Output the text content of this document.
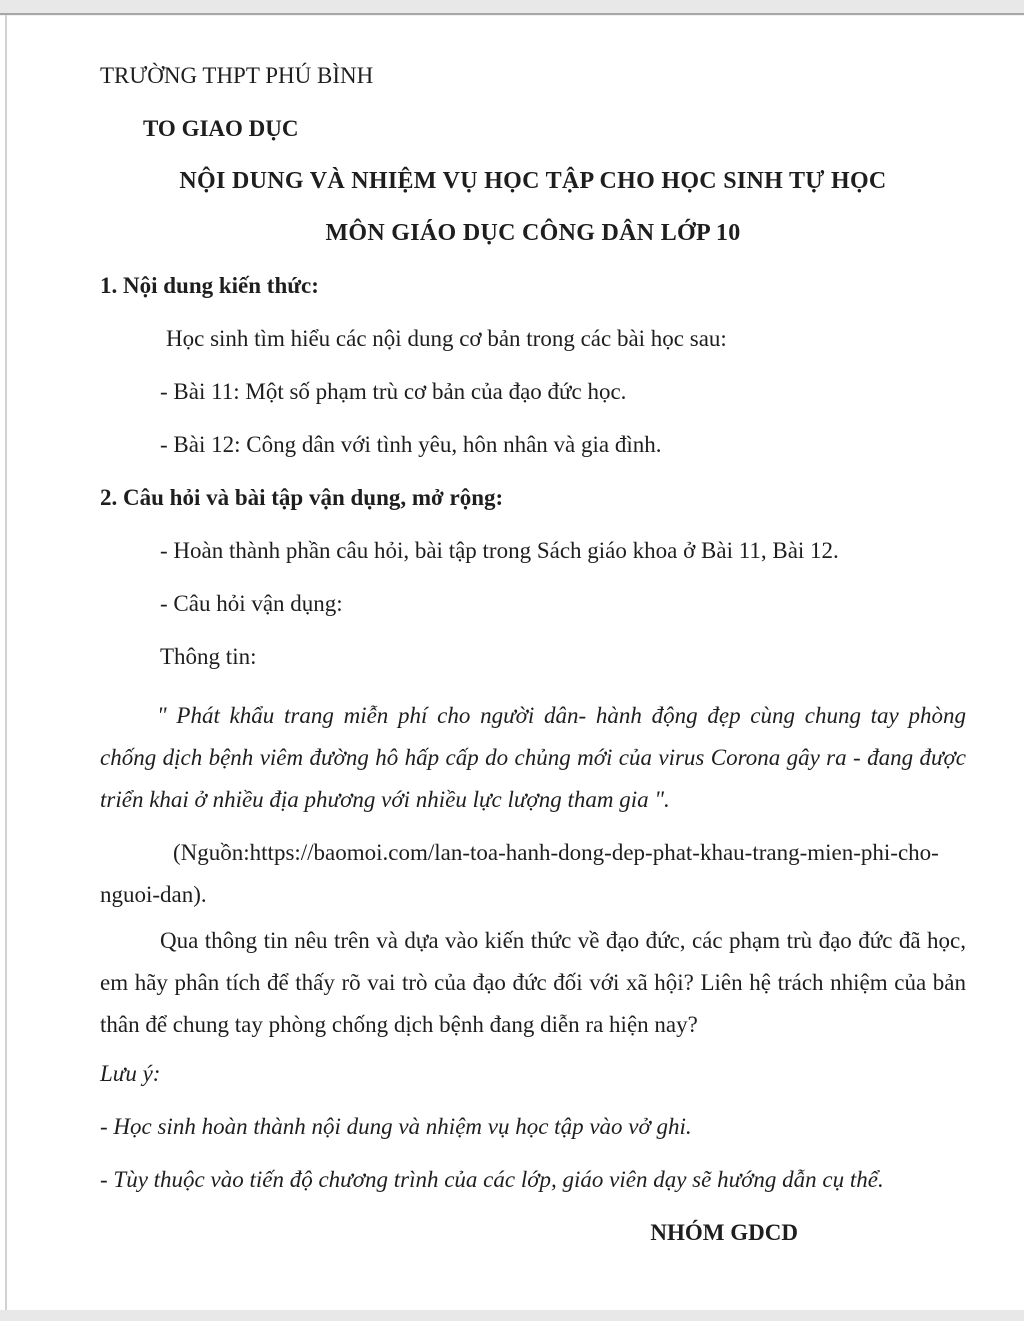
TRƯỜNG THPT PHÚ BÌNH

TO GIAO DỤC

NỘI DUNG VÀ NHIỆM VỤ HỌC TẬP CHO HỌC SINH TỰ HỌC

MÔN GIÁO DỤC CÔNG DÂN LỚP 10

1. Nội dung kiến thức:

Học sinh tìm hiểu các nội dung cơ bản trong các bài học sau:

- Bài 11: Một số phạm trù cơ bản của đạo đức học.

- Bài 12: Công dân với tình yêu, hôn nhân và gia đình.

2. Câu hỏi và bài tập vận dụng, mở rộng:

- Hoàn thành phần câu hỏi, bài tập trong Sách giáo khoa ở Bài 11, Bài 12.

- Câu hỏi vận dụng:

Thông tin:

" Phát khẩu trang miễn phí cho người dân- hành động đẹp cùng chung tay phòng chống dịch bệnh viêm đường hô hấp cấp do chủng mới của virus Corona gây ra - đang được triển khai ở nhiều địa phương với nhiều lực lượng tham gia ".

(Nguồn:https://baomoi.com/lan-toa-hanh-dong-dep-phat-khau-trang-mien-phi-cho-nguoi-dan).

Qua thông tin nêu trên và dựa vào kiến thức về đạo đức, các phạm trù đạo đức đã học, em hãy phân tích để thấy rõ vai trò của đạo đức đối với xã hội? Liên hệ trách nhiệm của bản thân để chung tay phòng chống dịch bệnh đang diễn ra hiện nay?

Lưu ý:

- Học sinh hoàn thành nội dung và nhiệm vụ học tập vào vở ghi.

- Tùy thuộc vào tiến độ chương trình của các lớp, giáo viên dạy sẽ hướng dẫn cụ thể.

NHÓM GDCD
